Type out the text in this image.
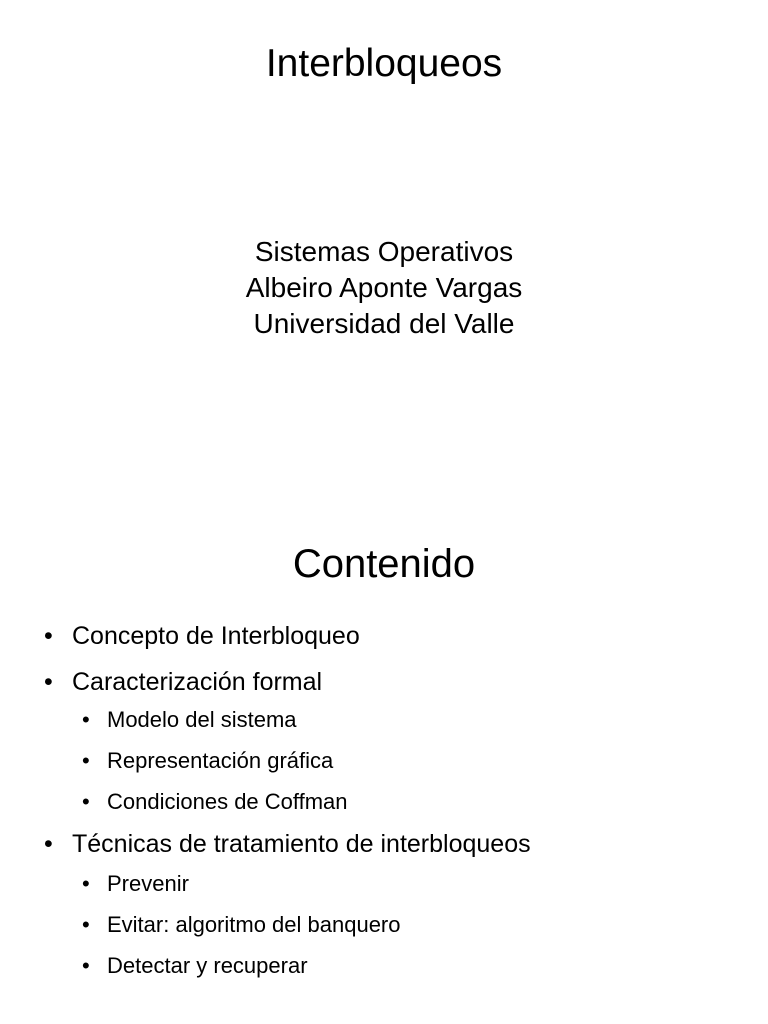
Interbloqueos
Sistemas Operativos
Albeiro Aponte Vargas
Universidad del Valle
Contenido
• Concepto de Interbloqueo
• Caracterización formal
• Modelo del sistema
• Representación gráfica
• Condiciones de Coffman
• Técnicas de tratamiento de interbloqueos
• Prevenir
• Evitar: algoritmo del banquero
• Detectar y recuperar
